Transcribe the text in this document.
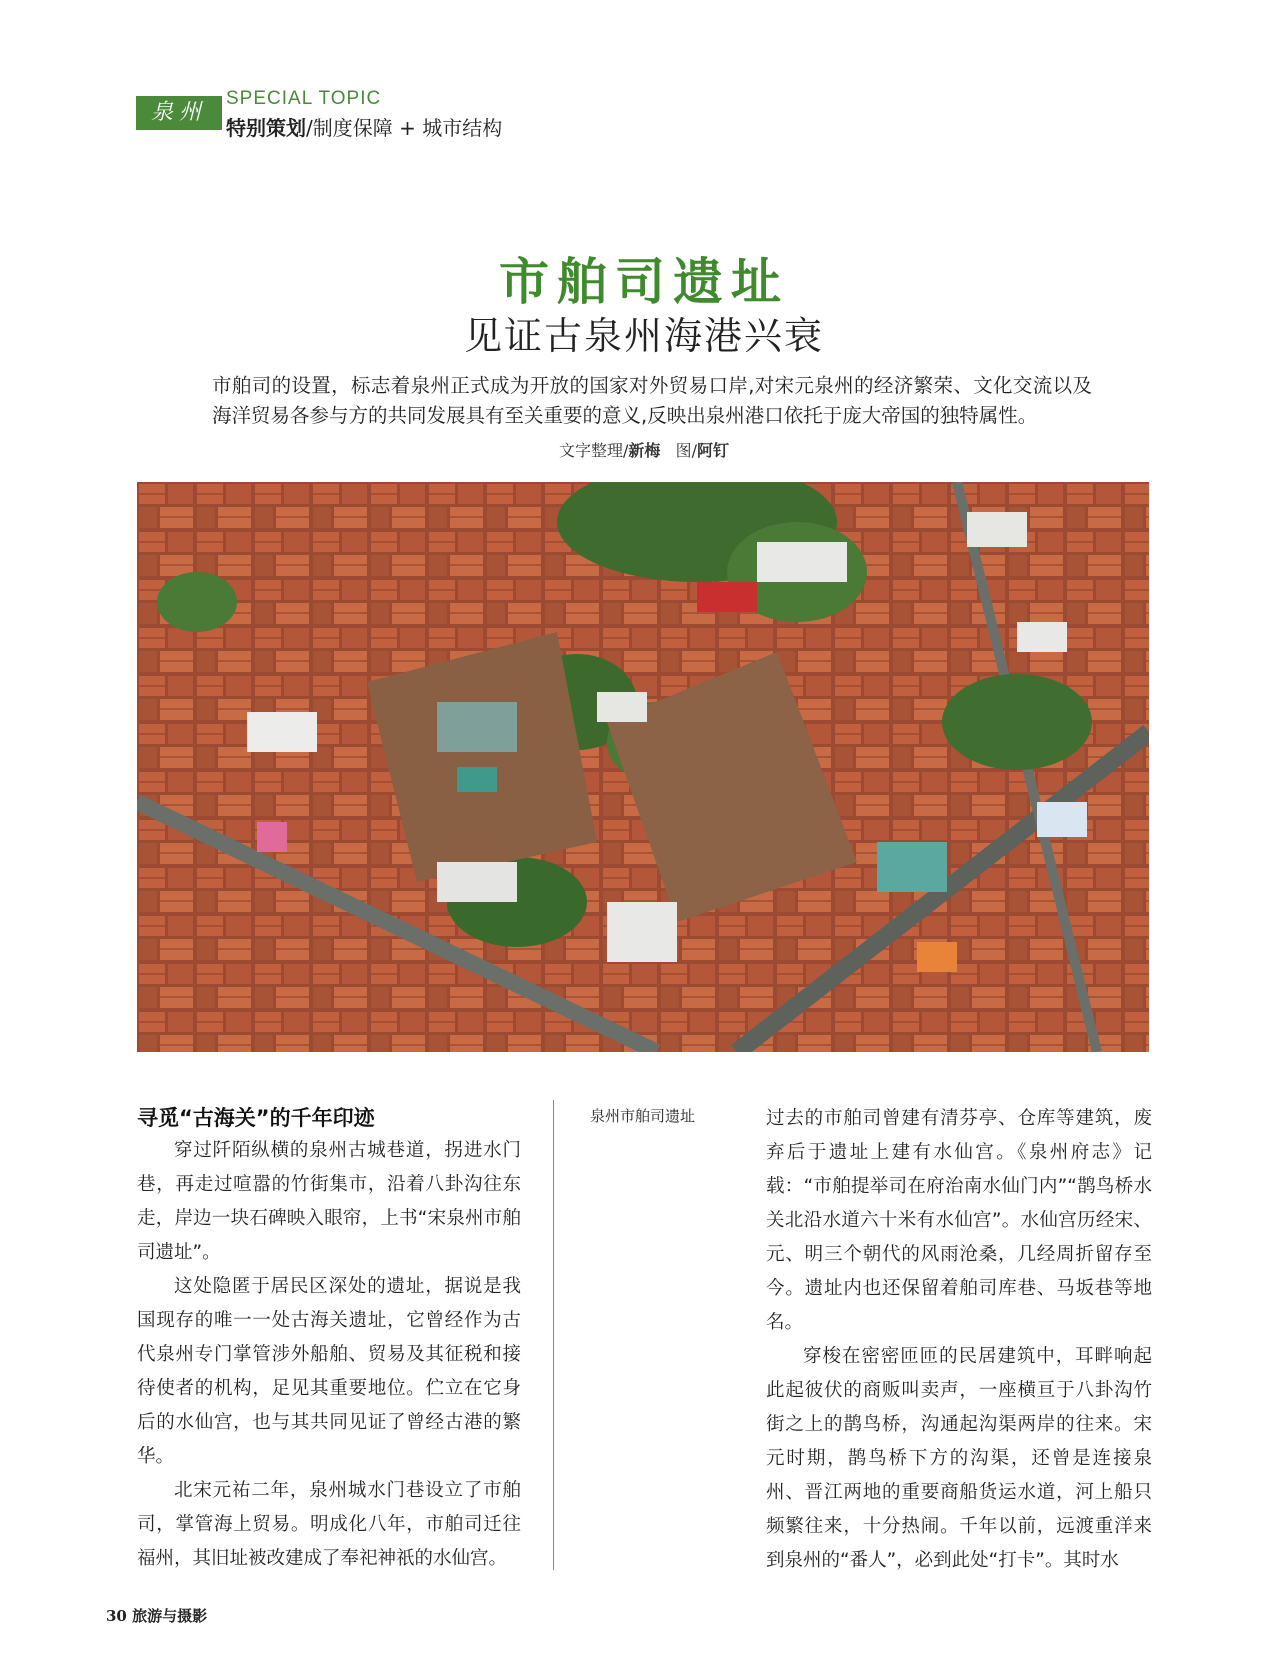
泉州
SPECIAL TOPIC
特别策划/制度保障 + 城市结构
市舶司遗址
见证古泉州海港兴衰
市舶司的设置，标志着泉州正式成为开放的国家对外贸易口岸,对宋元泉州的经济繁荣、文化交流以及海洋贸易各参与方的共同发展具有至关重要的意义,反映出泉州港口依托于庞大帝国的独特属性。
文字整理/新梅 图/阿钉
寻觅“古海关”的千年印迹

穿过阡陌纵横的泉州古城巷道，拐进水门巷，再走过喧嚣的竹街集市，沿着八卦沟往东走，岸边一块石碑映入眼帘，上书“宋泉州市舶司遗址”。

这处隐匿于居民区深处的遗址，据说是我国现存的唯一一处古海关遗址，它曾经作为古代泉州专门掌管涉外船舶、贸易及其征税和接待使者的机构，足见其重要地位。伫立在它身后的水仙宫，也与其共同见证了曾经古港的繁华。

北宋元祐二年，泉州城水门巷设立了市舶司，掌管海上贸易。明成化八年，市舶司迁往福州，其旧址被改建成了奉祀神祇的水仙宫。

泉州市舶司遗址	过去的市舶司曾建有清芬亭、仓库等建筑，废弃后于遗址上建有水仙宫。《泉州府志》记载：“市舶提举司在府治南水仙门内”“鹊鸟桥水关北沿水道六十米有水仙宫”。水仙宫历经宋、元、明三个朝代的风雨沧桑，几经周折留存至今。遗址内也还保留着舶司库巷、马坂巷等地名。

穿梭在密密匝匝的民居建筑中，耳畔响起此起彼伏的商贩叫卖声，一座横亘于八卦沟竹街之上的鹊鸟桥，沟通起沟渠两岸的往来。宋元时期，鹊鸟桥下方的沟渠，还曾是连接泉州、晋江两地的重要商船货运水道，河上船只频繁往来，十分热闹。千年以前，远渡重洋来到泉州的“番人”，必到此处“打卡”。其时水

30 旅游与摄影
